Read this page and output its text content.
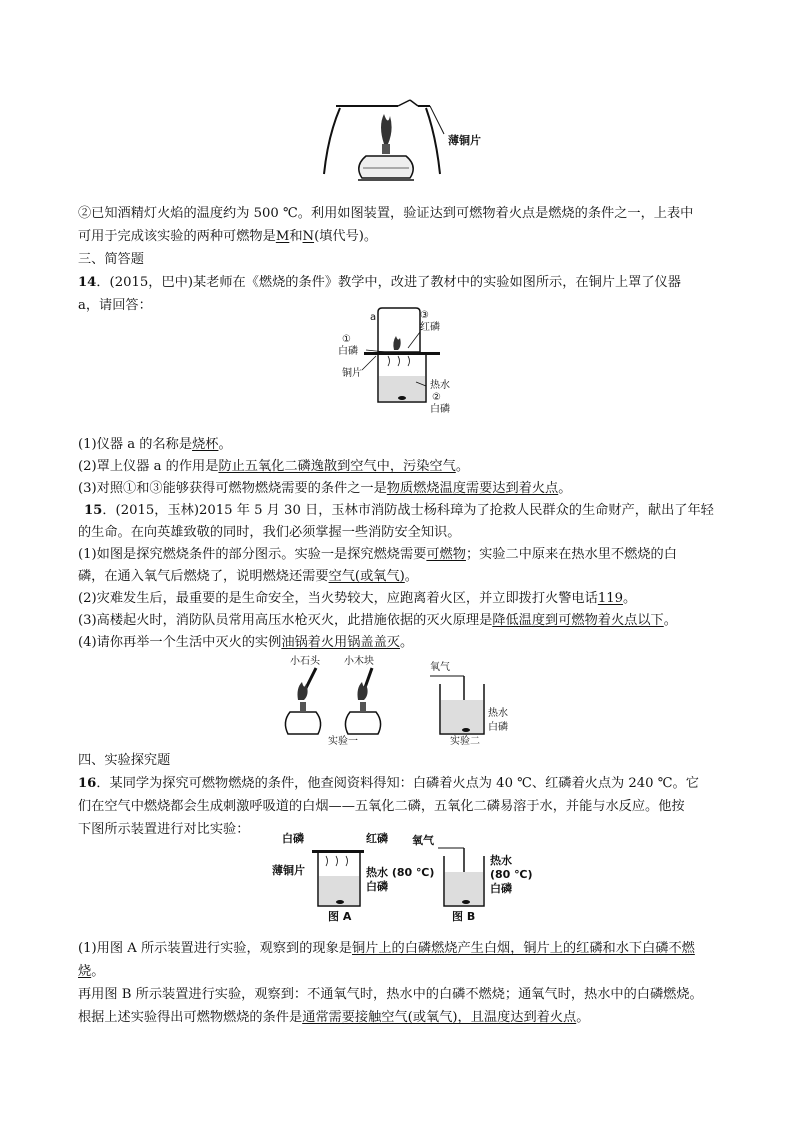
薄铜片
②已知酒精灯火焰的温度约为 500 ℃。利用如图装置，验证达到可燃物着火点是燃烧的条件之一，上表中
可用于完成该实验的两种可燃物是M和N(填代号)。
三、简答题
14．(2015，巴中)某老师在《燃烧的条件》教学中，改进了教材中的实验如图所示，在铜片上罩了仪器
a，请回答：
a	③
红磷
①
白磷
铜片
热水
②
白磷
(1)仪器 a 的名称是烧杯。
(2)罩上仪器 a 的作用是防止五氧化二磷逸散到空气中，污染空气。
(3)对照①和③能够获得可燃物燃烧需要的条件之一是物质燃烧温度需要达到着火点。
15．(2015，玉林)2015 年 5 月 30 日，玉林市消防战士杨科璋为了抢救人民群众的生命财产，献出了年轻
的生命。在向英雄致敬的同时，我们必须掌握一些消防安全知识。
(1)如图是探究燃烧条件的部分图示。实验一是探究燃烧需要可燃物；实验二中原来在热水里不燃烧的白
磷，在通入氧气后燃烧了，说明燃烧还需要空气(或氧气)。
(2)灾难发生后，最重要的是生命安全，当火势较大，应跑离着火区，并立即拨打火警电话119。
(3)高楼起火时，消防队员常用高压水枪灭火，此措施依据的灭火原理是降低温度到可燃物着火点以下。
(4)请你再举一个生活中灭火的实例油锅着火用锅盖盖灭。
小石头 小木块
氧气
热水
白磷
实验一	实验二
四、实验探究题
16．某同学为探究可燃物燃烧的条件，他查阅资料得知：白磷着火点为 40 ℃、红磷着火点为 240 ℃。它
们在空气中燃烧都会生成刺激呼吸道的白烟——五氧化二磷，五氧化二磷易溶于水，并能与水反应。他按
下图所示装置进行对比实验：
白磷	红磷
薄铜片	热水 (80 ℃)
白磷
图 A
氧气
热水
(80 ℃)
白磷
图 B
(1)用图 A 所示装置进行实验，观察到的现象是铜片上的白磷燃烧产生白烟，铜片上的红磷和水下白磷不燃
烧。
再用图 B 所示装置进行实验，观察到：不通氧气时，热水中的白磷不燃烧；通氧气时，热水中的白磷燃烧。
根据上述实验得出可燃物燃烧的条件是通常需要接触空气(或氧气)，且温度达到着火点。
